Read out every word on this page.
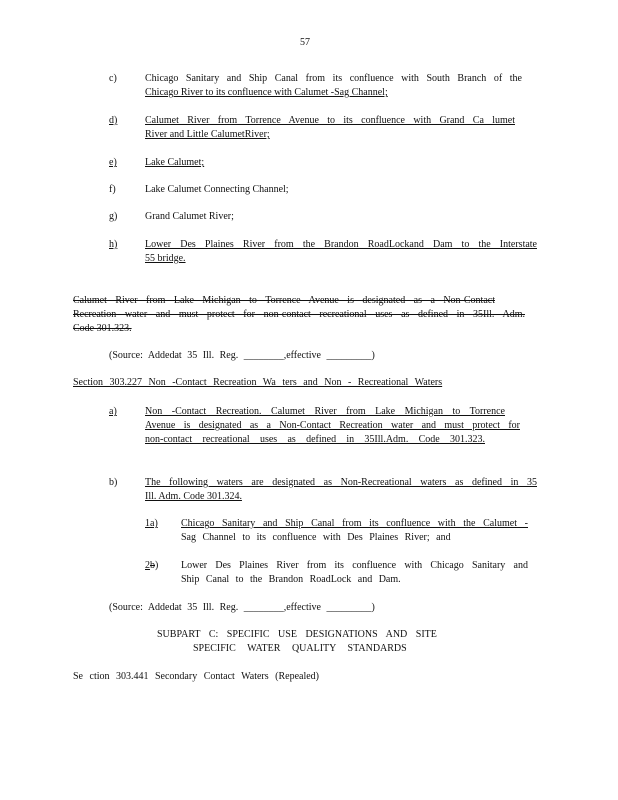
57
c)	Chicago Sanitary and Ship Canal from its confluence with South Branch of the
Chicago River to its confluence with Calumet -Sag Channel;
d)	Calumet River from Torrence Avenue to its confluence with Grand Ca lumet
River and Little CalumetRiver;
e)	Lake Calumet;
f)	Lake Calumet Connecting Channel;
g)	Grand Calumet River;
h)	Lower Des Plaines River from the Brandon RoadLockand Dam to the Interstate
55 bridge.
Calumet River from Lake Michigan to Torrence Avenue is designated as a Non-Contact
Recreation water and must protect for non-contact recreational uses as defined in 35Ill. Adm.
Code 301.323.
(Source: Addedat 35 Ill. Reg. ________,effective _________)
Section 303.227 Non -Contact Recreation Wa ters and Non - Recreational Waters
a)	Non -Contact Recreation. Calumet River from Lake Michigan to Torrence
Avenue is designated as a Non-Contact Recreation water and must protect for
non-contact recreational uses as defined in 35Ill.Adm. Code 301.323.
b)	The following waters are designated as Non-Recreational waters as defined in 35
Ill. Adm. Code 301.324.
1a) Chicago Sanitary and Ship Canal from its confluence with the Calumet -
Sag Channel to its confluence with Des Plaines River; and
2b) Lower Des Plaines River from its confluence with Chicago Sanitary and
Ship Canal to the Brandon RoadLock and Dam.
(Source: Addedat 35 Ill. Reg. ________,effective _________)
SUBPART C: SPECIFIC USE DESIGNATIONS AND SITE
SPECIFIC WATER QUALITY STANDARDS
Se ction 303.441 Secondary Contact Waters (Repealed)
